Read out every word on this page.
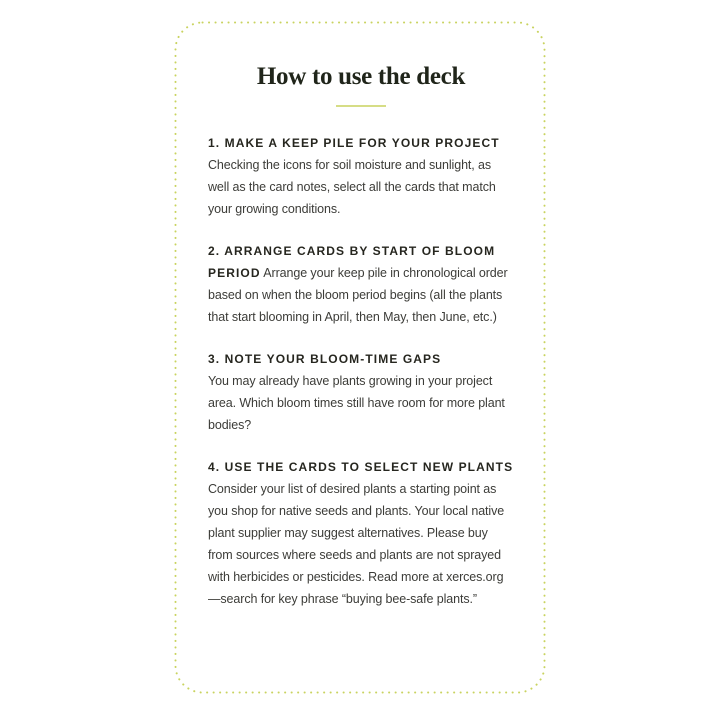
How to use the deck

1. MAKE A KEEP PILE FOR YOUR PROJECT
Checking the icons for soil moisture and sunlight, as well as the card notes, select all the cards that match your growing conditions.

2. ARRANGE CARDS BY START OF BLOOM PERIOD Arrange your keep pile in chronological order based on when the bloom period begins (all the plants that start blooming in April, then May, then June, etc.)

3. NOTE YOUR BLOOM-TIME GAPS
You may already have plants growing in your project area. Which bloom times still have room for more plant bodies?

4. USE THE CARDS TO SELECT NEW PLANTS Consider your list of desired plants a starting point as you shop for native seeds and plants. Your local native plant supplier may suggest alternatives. Please buy from sources where seeds and plants are not sprayed with herbicides or pesticides. Read more at xerces.org—search for key phrase “buying bee-safe plants.”
